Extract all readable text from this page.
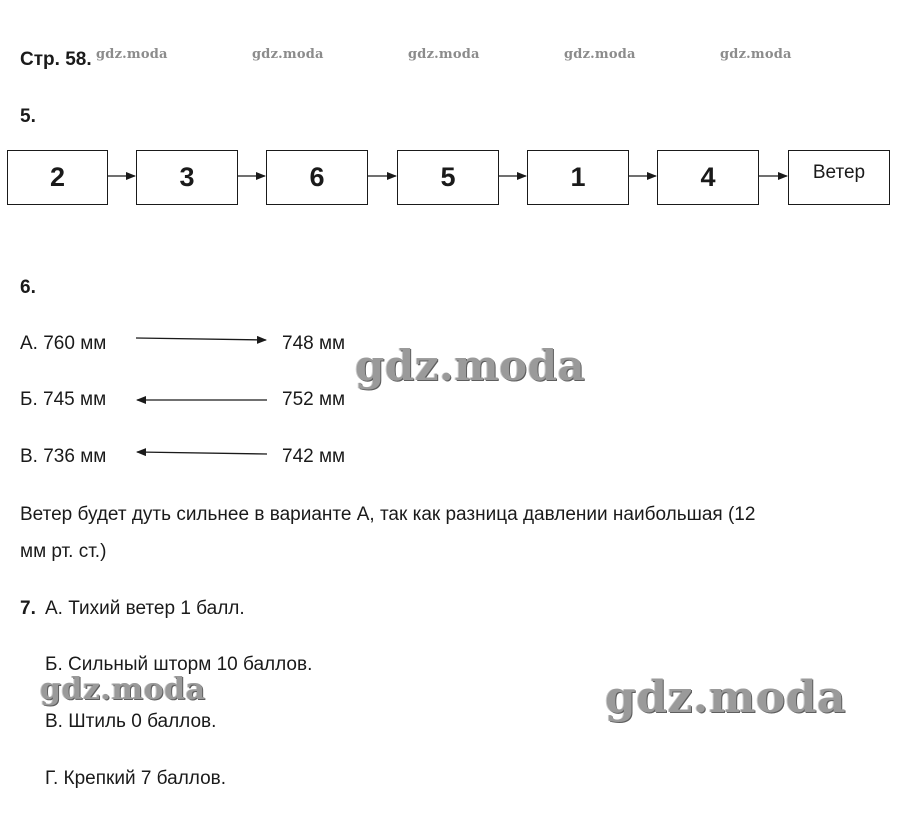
Стр. 58. gdz.moda	gdz.moda	gdz.moda	gdz.moda	gdz.moda
5.
2	3	6	5	1	4	Ветер
6.
А. 760 мм	748 мм
Б. 745 мм	752 мм
В. 736 мм	742 мм
Ветер будет дуть сильнее в варианте А, так как разница давлении наибольшая (12
мм рт. ст.)
7. А. Тихий ветер 1 балл.
Б. Сильный шторм 10 баллов.
В. Штиль 0 баллов.
Г. Крепкий 7 баллов.
gdz.moda
gdz.moda	gdz.moda
